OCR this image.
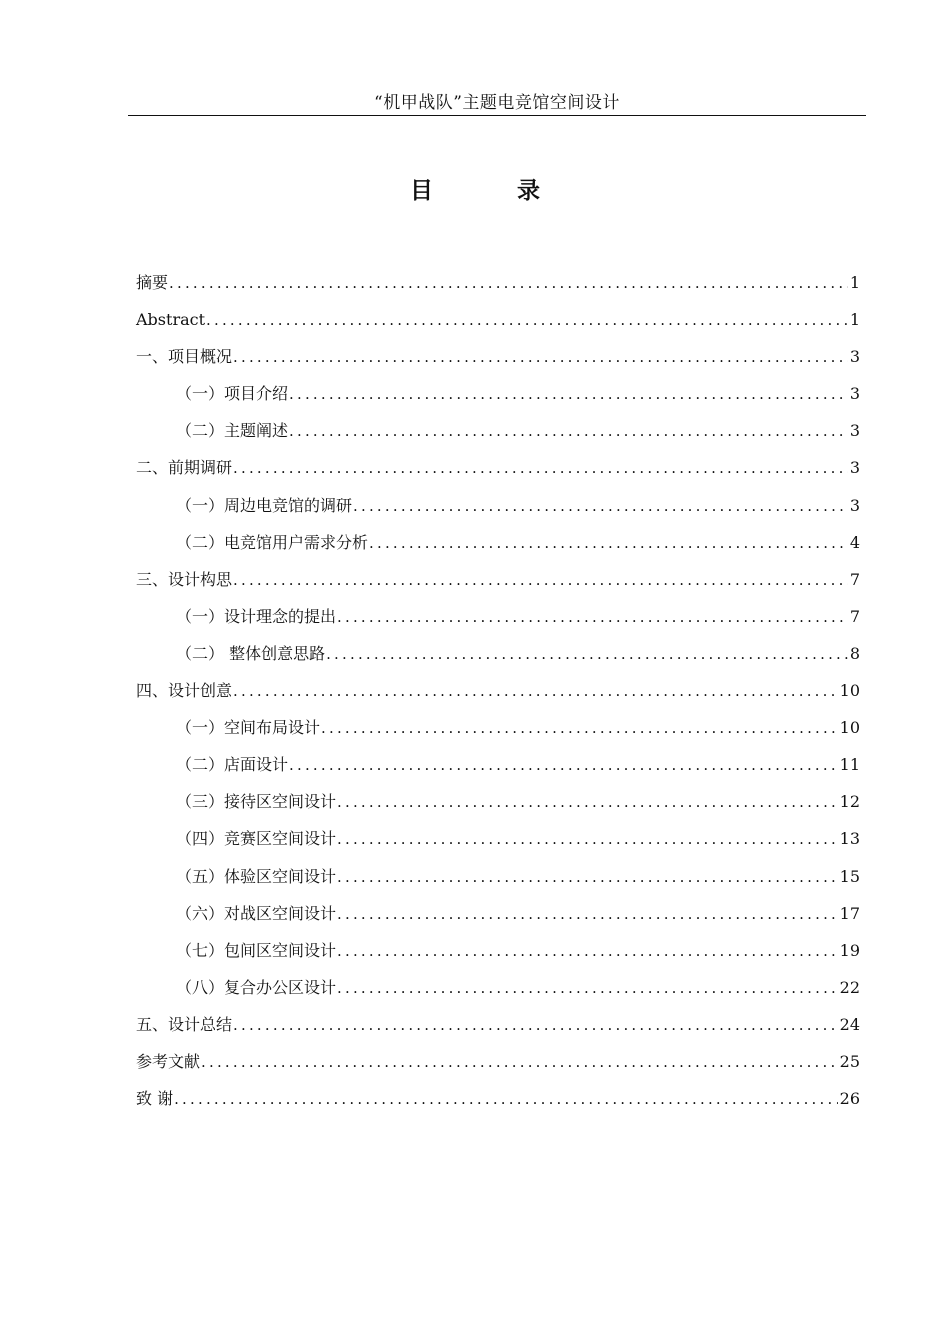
“机甲战队”主题电竞馆空间设计
目 录
摘要 .....	1
Abstract .....	1
一、项目概况 .....	3
（一）项目介绍 .....	3
（二）主题阐述 .....	3
二、前期调研 .....	3
（一）周边电竞馆的调研 .....	3
（二）电竞馆用户需求分析 .....	4
三、设计构思 .....	7
（一）设计理念的提出 .....	7
（二） 整体创意思路 .....	8
四、设计创意 .....	10
（一）空间布局设计 .....	10
（二）店面设计 .....	11
（三）接待区空间设计 .....	12
（四）竞赛区空间设计 .....	13
（五）体验区空间设计 .....	15
（六）对战区空间设计 .....	17
（七）包间区空间设计 .....	19
（八）复合办公区设计 .....	22
五、设计总结 .....	24
参考文献 .....	25
致 谢 .....	26
